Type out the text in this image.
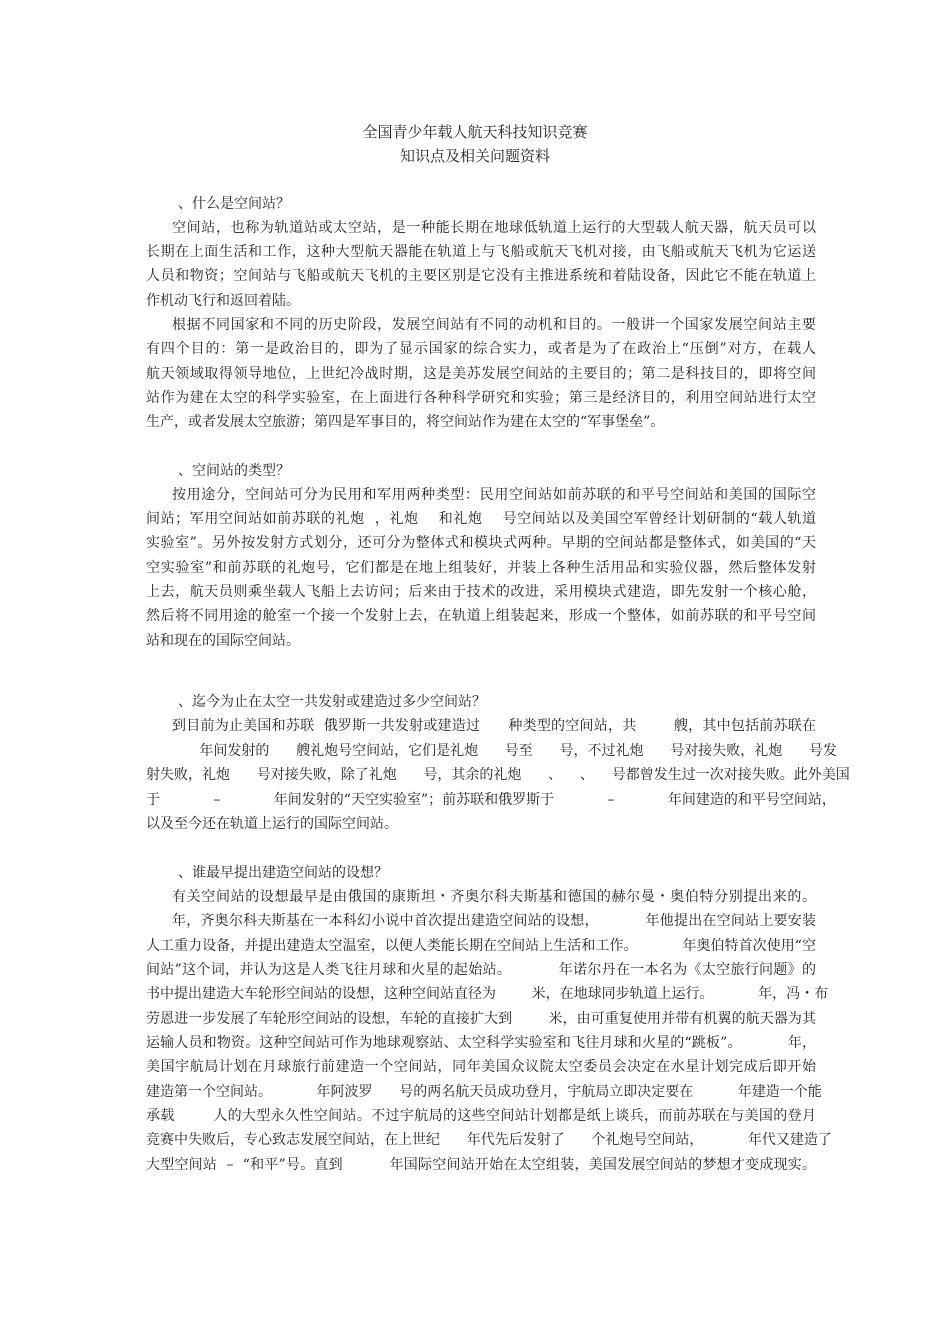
全国青少年载人航天科技知识竞赛
知识点及相关问题资料
、什么是空间站？
空间站，也称为轨道站或太空站，是一种能长期在地球低轨道上运行的大型载人航天器，航天员可以
长期在上面生活和工作，这种大型航天器能在轨道上与飞船或航天飞机对接，由飞船或航天飞机为它运送
人员和物资；空间站与飞船或航天飞机的主要区别是它没有主推进系统和着陆设备，因此它不能在轨道上
作机动飞行和返回着陆。
根据不同国家和不同的历史阶段，发展空间站有不同的动机和目的。一般讲一个国家发展空间站主要
有四个目的：第一是政治目的，即为了显示国家的综合实力，或者是为了在政治上“压倒”对方，在载人
航天领域取得领导地位，上世纪冷战时期，这是美苏发展空间站的主要目的；第二是科技目的，即将空间
站作为建在太空的科学实验室，在上面进行各种科学研究和实验；第三是经济目的，利用空间站进行太空
生产，或者发展太空旅游；第四是军事目的，将空间站作为建在太空的“军事堡垒”。
、空间站的类型？
按用途分，空间站可分为民用和军用两种类型：民用空间站如前苏联的和平号空间站和美国的国际空
间站；军用空间站如前苏联的礼炮  ，礼炮    和礼炮    号空间站以及美国空军曾经计划研制的“载人轨道
实验室”。另外按发射方式划分，还可分为整体式和模块式两种。早期的空间站都是整体式，如美国的“天
空实验室”和前苏联的礼炮号，它们都是在地上组装好，并装上各种生活用品和实验仪器，然后整体发射
上去，航天员则乘坐载人飞船上去访问；后来由于技术的改进，采用模块式建造，即先发射一个核心舱，
然后将不同用途的舱室一个接一个发射上去，在轨道上组装起来，形成一个整体，如前苏联的和平号空间
站和现在的国际空间站。
、迄今为止在太空一共发射或建造过多少空间站？
到目前为止美国和苏联  俄罗斯一共发射或建造过      种类型的空间站，共        艘，其中包括前苏联在
年间发射的      艘礼炮号空间站，它们是礼炮      号至      号，不过礼炮      号对接失败，礼炮      号发
射失败，礼炮      号对接失败，除了礼炮      号，其余的礼炮      、    、    号都曾发生过一次对接失败。此外美国
于            –            年间发射的“天空实验室”；前苏联和俄罗斯于            –            年间建造的和平号空间站，
以及至今还在轨道上运行的国际空间站。
、谁最早提出建造空间站的设想？
有关空间站的设想最早是由俄国的康斯坦・齐奥尔科夫斯基和德国的赫尔曼・奥伯特分别提出来的。
年，齐奥尔科夫斯基在一本科幻小说中首次提出建造空间站的设想，          年他提出在空间站上要安装
人工重力设备，并提出建造太空温室，以便人类能长期在空间站上生活和工作。          年奥伯特首次使用“空
间站”这个词，并认为这是人类飞往月球和火星的起始站。          年诺尔丹在一本名为《太空旅行问题》的
书中提出建造大车轮形空间站的设想，这种空间站直径为        米，在地球同步轨道上运行。          年，冯・布
劳恩进一步发展了车轮形空间站的设想，车轮的直接扩大到        米，由可重复使用并带有机翼的航天器为其
运输人员和物资。这种空间站可作为地球观察站、太空科学实验室和飞往月球和火星的“跳板”。          年，
美国宇航局计划在月球旅行前建造一个空间站，同年美国众议院太空委员会决定在水星计划完成后即开始
建造第一个空间站。          年阿波罗      号的两名航天员成功登月，宇航局立即决定要在          年建造一个能
承载        人的大型永久性空间站。不过宇航局的这些空间站计划都是纸上谈兵，而前苏联在与美国的登月
竞赛中失败后，专心致志发展空间站，在上世纪      年代先后发射了      个礼炮号空间站，          年代又建造了
大型空间站  –  “和平”号。直到          年国际空间站开始在太空组装，美国发展空间站的梦想才变成现实。
